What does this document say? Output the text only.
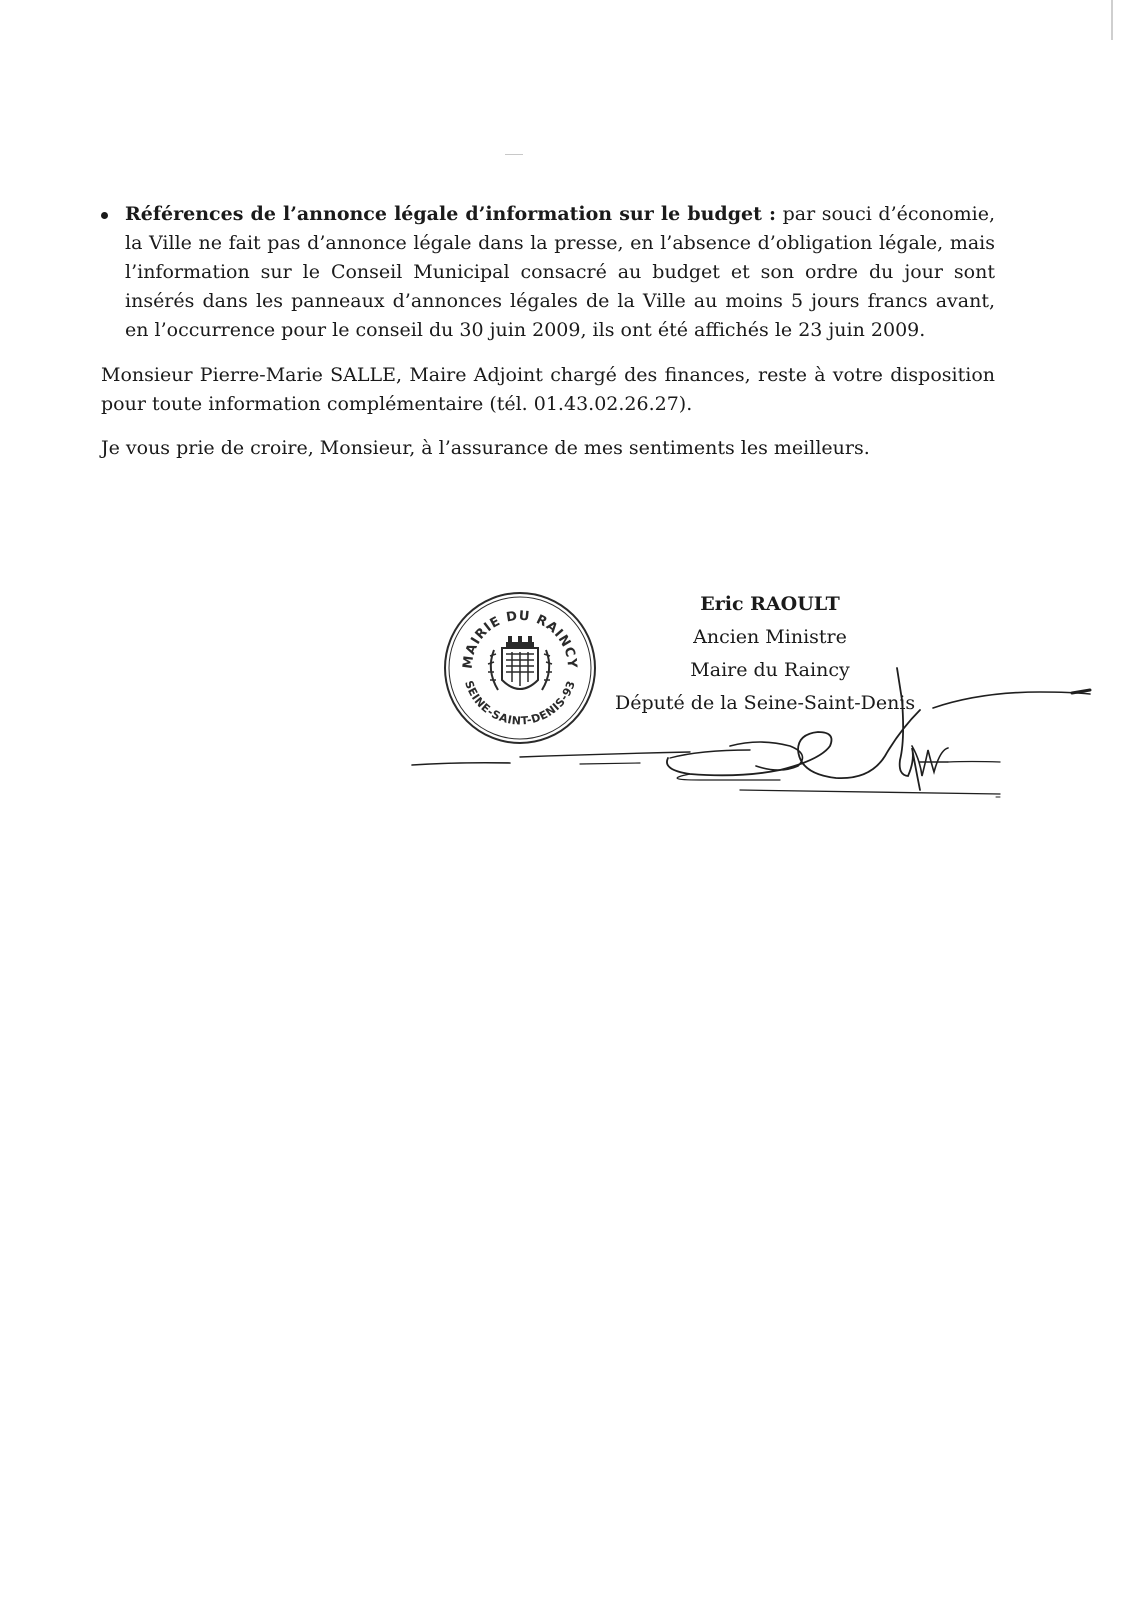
Références de l’annonce légale d’information sur le budget : par souci d’économie, la Ville ne fait pas d’annonce légale dans la presse, en l’absence d’obligation légale, mais l’information sur le Conseil Municipal consacré au budget et son ordre du jour sont insérés dans les panneaux d’annonces légales de la Ville au moins 5 jours francs avant, en l’occurrence pour le conseil du 30 juin 2009, ils ont été affichés le 23 juin 2009.
Monsieur Pierre-Marie SALLE, Maire Adjoint chargé des finances, reste à votre disposition pour toute information complémentaire (tél. 01.43.02.26.27).
Je vous prie de croire, Monsieur, à l’assurance de mes sentiments les meilleurs.
MAIRIE DU RAINCY
SEINE-SAINT-DENIS-93
Eric RAOULT
Ancien Ministre
Maire du Raincy
Député de la Seine-Saint-Denis
